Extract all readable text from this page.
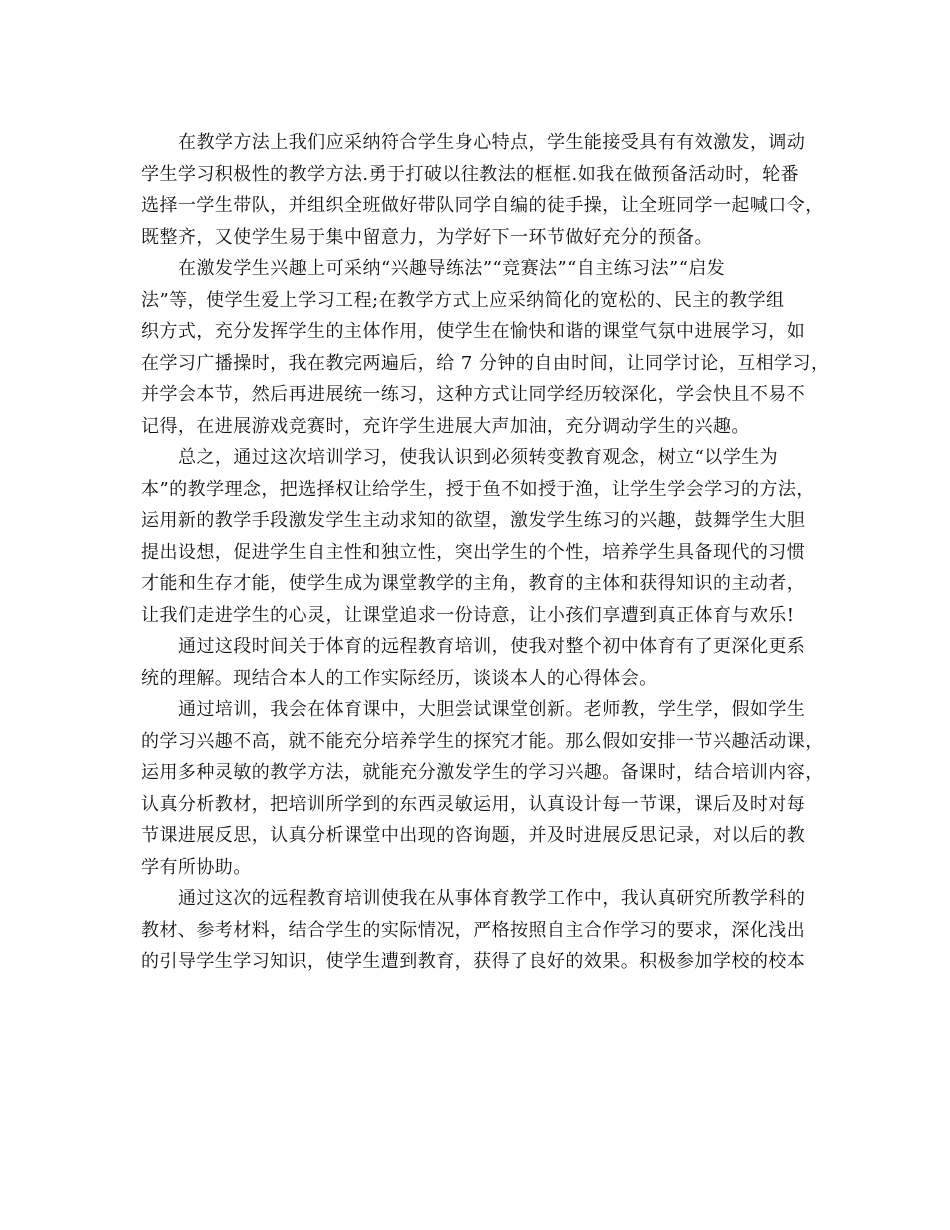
在教学方法上我们应采纳符合学生身心特点，学生能接受具有有效激发，调动
学生学习积极性的教学方法.勇于打破以往教法的框框.如我在做预备活动时，轮番
选择一学生带队，并组织全班做好带队同学自编的徒手操，让全班同学一起喊口令，
既整齐，又使学生易于集中留意力，为学好下一环节做好充分的预备。

在激发学生兴趣上可采纳“兴趣导练法”“竞赛法”“自主练习法”“启发
法”等，使学生爱上学习工程;在教学方式上应采纳简化的宽松的、民主的教学组
织方式，充分发挥学生的主体作用，使学生在愉快和谐的课堂气氛中进展学习，如
在学习广播操时，我在教完两遍后，给 7 分钟的自由时间，让同学讨论，互相学习，
并学会本节，然后再进展统一练习，这种方式让同学经历较深化，学会快且不易不
记得，在进展游戏竞赛时，充许学生进展大声加油，充分调动学生的兴趣。

总之，通过这次培训学习，使我认识到必须转变教育观念，树立“以学生为
本”的教学理念，把选择权让给学生，授于鱼不如授于渔，让学生学会学习的方法，
运用新的教学手段激发学生主动求知的欲望，激发学生练习的兴趣，鼓舞学生大胆
提出设想，促进学生自主性和独立性，突出学生的个性，培养学生具备现代的习惯
才能和生存才能，使学生成为课堂教学的主角，教育的主体和获得知识的主动者，
让我们走进学生的心灵，让课堂追求一份诗意，让小孩们享遭到真正体育与欢乐!

通过这段时间关于体育的远程教育培训，使我对整个初中体育有了更深化更系
统的理解。现结合本人的工作实际经历，谈谈本人的心得体会。

通过培训，我会在体育课中，大胆尝试课堂创新。老师教，学生学，假如学生
的学习兴趣不高，就不能充分培养学生的探究才能。那么假如安排一节兴趣活动课，
运用多种灵敏的教学方法，就能充分激发学生的学习兴趣。备课时，结合培训内容，
认真分析教材，把培训所学到的东西灵敏运用，认真设计每一节课，课后及时对每
节课进展反思，认真分析课堂中出现的咨询题，并及时进展反思记录，对以后的教
学有所协助。

通过这次的远程教育培训使我在从事体育教学工作中，我认真研究所教学科的
教材、参考材料，结合学生的实际情况，严格按照自主合作学习的要求，深化浅出
的引导学生学习知识，使学生遭到教育，获得了良好的效果。积极参加学校的校本
